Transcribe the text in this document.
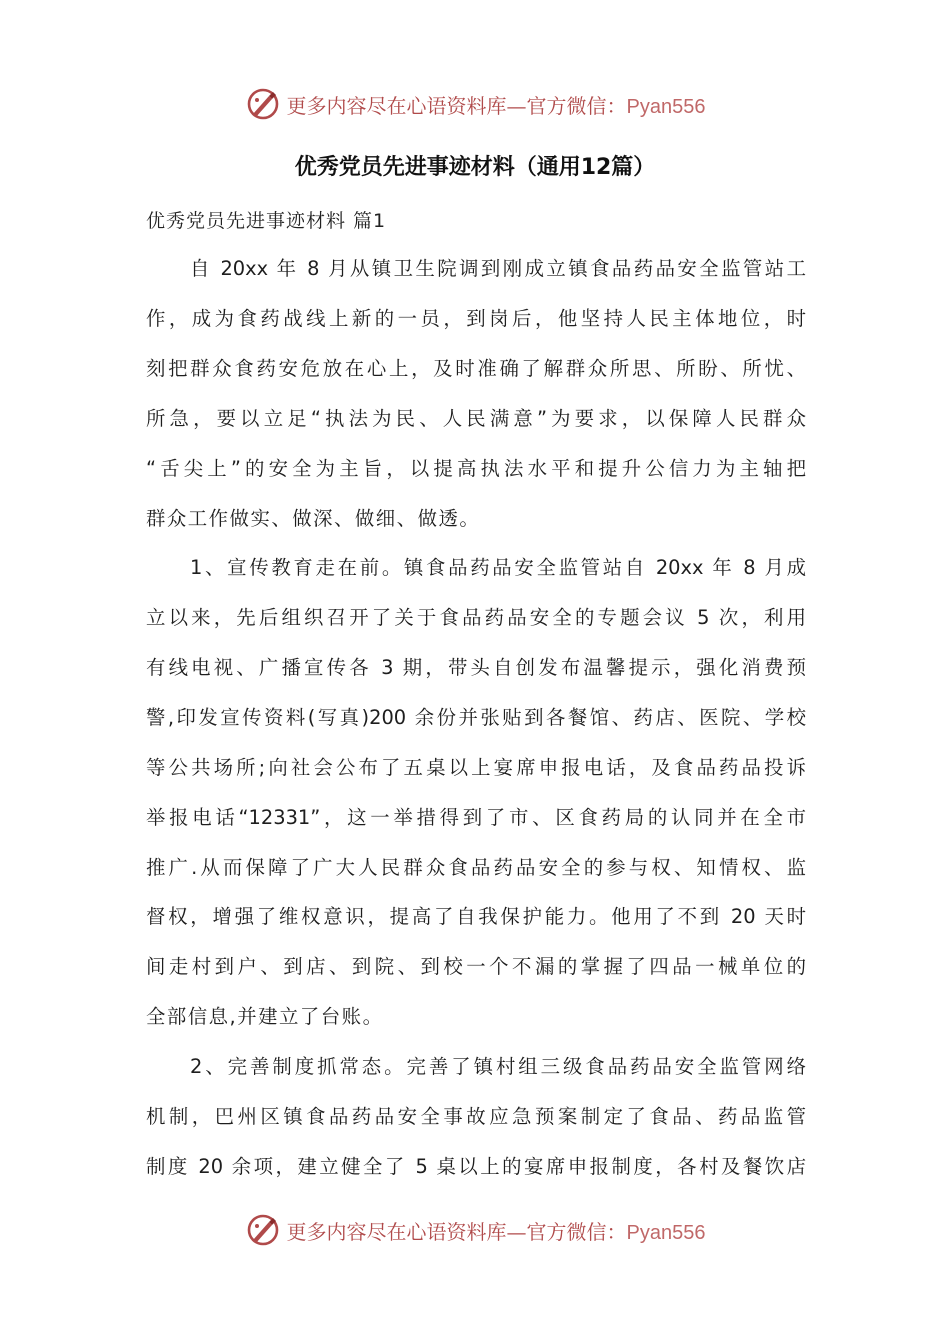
更多内容尽在心语资料库—官方微信：Pyan556
优秀党员先进事迹材料（通用12篇）
优秀党员先进事迹材料 篇1
自 20xx 年 8 月从镇卫生院调到刚成立镇食品药品安全监管站工
作，成为食药战线上新的一员，到岗后，他坚持人民主体地位，时
刻把群众食药安危放在心上，及时准确了解群众所思、所盼、所忧、
所急，要以立足“执法为民、人民满意”为要求，以保障人民群众
“舌尖上”的安全为主旨，以提高执法水平和提升公信力为主轴把
群众工作做实、做深、做细、做透。
1、宣传教育走在前。镇食品药品安全监管站自 20xx 年 8 月成
立以来，先后组织召开了关于食品药品安全的专题会议 5 次，利用
有线电视、广播宣传各 3 期，带头自创发布温馨提示，强化消费预
警,印发宣传资料(写真)200 余份并张贴到各餐馆、药店、医院、学校
等公共场所;向社会公布了五桌以上宴席申报电话，及食品药品投诉
举报电话“12331”，这一举措得到了市、区食药局的认同并在全市
推广.从而保障了广大人民群众食品药品安全的参与权、知情权、监
督权，增强了维权意识，提高了自我保护能力。他用了不到 20 天时
间走村到户、到店、到院、到校一个不漏的掌握了四品一械单位的
全部信息,并建立了台账。
2、完善制度抓常态。完善了镇村组三级食品药品安全监管网络
机制，巴州区镇食品药品安全事故应急预案制定了食品、药品监管
制度 20 余项，建立健全了 5 桌以上的宴席申报制度，各村及餐饮店
更多内容尽在心语资料库—官方微信：Pyan556
